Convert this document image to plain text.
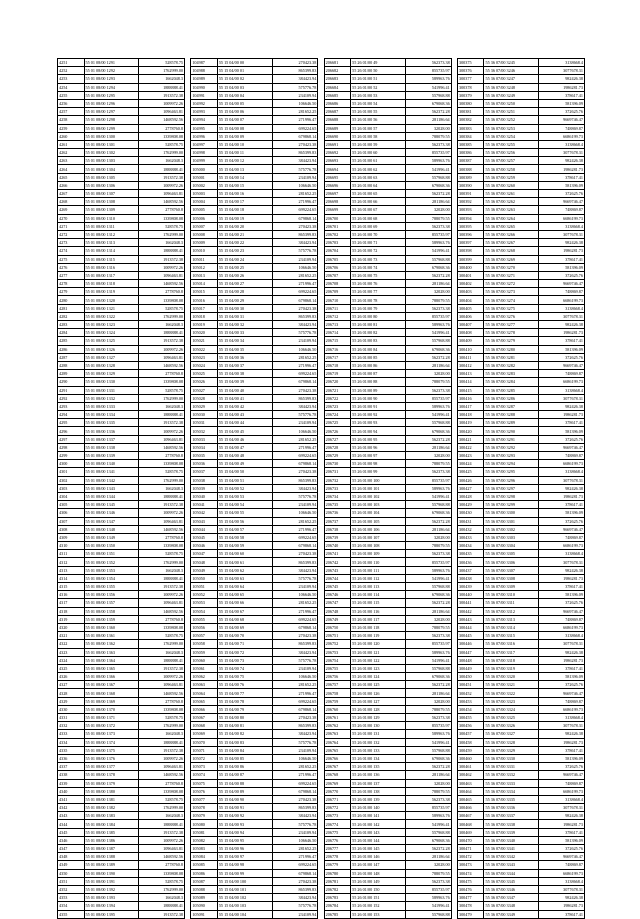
4251	55 01 08/00 1291	528578.75
4252	55 01 08/00 1292	1762999.00
4253	55 01 08/00 1293	1662048.3
4254	55 01 08/00 1294	1888888.41
4255	55 01 08/00 1295	1913572.38
4256	55 01 08/00 1296	1009972.26
4257	55 01 08/00 1297	1096463.81
4258	55 01 08/00 1298	1468592.56
4259	55 01 08/00 1299	2778760.8
4260	55 01 08/00 1300	1339808.08
4261	55 01 08/00 1301	528578.75
4262	55 01 08/00 1302	1762999.00
4263	55 01 08/00 1303	1662048.3
4264	55 01 08/00 1304	1888888.41
4265	55 01 08/00 1305	1913572.38
4266	55 01 08/00 1306	1009972.26
4267	55 01 08/00 1307	1096463.81
4268	55 01 08/00 1308	1468592.56
4269	55 01 08/00 1309	2778760.8
4270	55 01 08/00 1310	1339808.08
4271	55 01 08/00 1311	528578.75
4272	55 01 08/00 1312	1762999.00
4273	55 01 08/00 1313	1662048.3
4274	55 01 08/00 1314	1888888.41
4275	55 01 08/00 1315	1913572.38
4276	55 01 08/00 1316	1009972.26
4277	55 01 08/00 1317	1096463.81
4278	55 01 08/00 1318	1468592.56
4279	55 01 08/00 1319	2778760.8
4280	55 01 08/00 1320	1339808.08
4281	55 01 08/00 1321	528578.75
4282	55 01 08/00 1322	1762999.00
4283	55 01 08/00 1323	1662048.3
4284	55 01 08/00 1324	1888888.41
4285	55 01 08/00 1325	1913572.38
4286	55 01 08/00 1326	1009972.26
4287	55 01 08/00 1327	1096463.81
4288	55 01 08/00 1328	1468592.56
4289	55 01 08/00 1329	2778760.8
4290	55 01 08/00 1330	1339808.08
4291	55 01 08/00 1331	528578.75
4292	55 01 08/00 1332	1762999.00
4293	55 01 08/00 1333	1662048.3
4294	55 01 08/00 1334	1888888.41
4295	55 01 08/00 1335	1913572.38
4296	55 01 08/00 1336	1009972.26
4297	55 01 08/00 1337	1096463.81
4298	55 01 08/00 1338	1468592.56
4299	55 01 08/00 1339	2778760.8
4300	55 01 08/00 1340	1339808.08
4301	55 01 08/00 1341	528578.75
4302	55 01 08/00 1342	1762999.00
4303	55 01 08/00 1343	1662048.3
4304	55 01 08/00 1344	1888888.41
4305	55 01 08/00 1345	1913572.38
4306	55 01 08/00 1346	1009972.26
4307	55 01 08/00 1347	1096463.81
4308	55 01 08/00 1348	1468592.56
4309	55 01 08/00 1349	2778760.8
4310	55 01 08/00 1350	1339808.08
4311	55 01 08/00 1351	528578.75
4312	55 01 08/00 1352	1762999.00
4313	55 01 08/00 1353	1662048.3
4314	55 01 08/00 1354	1888888.41
4315	55 01 08/00 1355	1913572.38
4316	55 01 08/00 1356	1009972.26
4317	55 01 08/00 1357	1096463.81
4318	55 01 08/00 1358	1468592.56
4319	55 01 08/00 1359	2778760.8
4320	55 01 08/00 1360	1339808.08
4321	55 01 08/00 1361	528578.75
4322	55 01 08/00 1362	1762999.00
4323	55 01 08/00 1363	1662048.3
4324	55 01 08/00 1364	1888888.41
4325	55 01 08/00 1365	1913572.38
4326	55 01 08/00 1366	1009972.26
4327	55 01 08/00 1367	1096463.81
4328	55 01 08/00 1368	1468592.56
4329	55 01 08/00 1369	2778760.8
4330	55 01 08/00 1370	1339808.08
4331	55 01 08/00 1371	528578.75
4332	55 01 08/00 1372	1762999.00
4333	55 01 08/00 1373	1662048.3
4334	55 01 08/00 1374	1888888.41
4335	55 01 08/00 1375	1913572.38
4336	55 01 08/00 1376	1009972.26
4337	55 01 08/00 1377	1096463.81
4338	55 01 08/00 1378	1468592.56
4339	55 01 08/00 1379	2778760.8
4340	55 01 08/00 1380	1339808.08
4341	55 01 08/00 1381	528578.75
4342	55 01 08/00 1382	1762999.00
4343	55 01 08/00 1383	1662048.3
4344	55 01 08/00 1384	1888888.41
4345	55 01 08/00 1385	1913572.38
4346	55 01 08/00 1386	1009972.26
4347	55 01 08/00 1387	1096463.81
4348	55 01 08/00 1388	1468592.56
4349	55 01 08/00 1389	2778760.8
4350	55 01 08/00 1390	1339808.08
4351	55 01 08/00 1391	528578.75
4352	55 01 08/00 1392	1762999.00
4353	55 01 08/00 1393	1662048.3
4354	55 01 08/00 1394	1888888.41
4355	55 01 08/00 1395	1913572.38
104987	55 15 04/00 00	270423.38
104988	55 15 04/00 01	865399.83
104989	55 15 04/00 02	384423.94
104990	55 15 04/00 03	575776.78
104991	55 15 04/00 04	234109.94
104992	55 15 04/00 05	106646.50
104993	55 15 04/00 06	281652.25
104994	55 15 04/00 07	271996.47
104995	55 15 04/00 08	699224.65
104996	55 15 04/00 09	679868.14
104997	55 15 04/00 10	270423.38
104998	55 15 04/00 11	865399.83
104999	55 15 04/00 12	384423.94
105000	55 15 04/00 13	575776.78
105001	55 15 04/00 14	234109.94
105002	55 15 04/00 15	106646.50
105003	55 15 04/00 16	281652.25
105004	55 15 04/00 17	271996.47
105005	55 15 04/00 18	699224.65
105006	55 15 04/00 19	679868.14
105007	55 15 04/00 20	270423.38
105008	55 15 04/00 21	865399.83
105009	55 15 04/00 22	384423.94
105010	55 15 04/00 23	575776.78
105011	55 15 04/00 24	234109.94
105012	55 15 04/00 25	106646.50
105013	55 15 04/00 26	281652.25
105014	55 15 04/00 27	271996.47
105015	55 15 04/00 28	699224.65
105016	55 15 04/00 29	679868.14
105017	55 15 04/00 30	270423.38
105018	55 15 04/00 31	865399.83
105019	55 15 04/00 32	384423.94
105020	55 15 04/00 33	575776.78
105021	55 15 04/00 34	234109.94
105022	55 15 04/00 35	106646.50
105023	55 15 04/00 36	281652.25
105024	55 15 04/00 37	271996.47
105025	55 15 04/00 38	699224.65
105026	55 15 04/00 39	679868.14
105027	55 15 04/00 40	270423.38
105028	55 15 04/00 41	865399.83
105029	55 15 04/00 42	384423.94
105030	55 15 04/00 43	575776.78
105031	55 15 04/00 44	234109.94
105032	55 15 04/00 45	106646.50
105033	55 15 04/00 46	281652.25
105034	55 15 04/00 47	271996.47
105035	55 15 04/00 48	699224.65
105036	55 15 04/00 49	679868.14
105037	55 15 04/00 50	270423.38
105038	55 15 04/00 51	865399.83
105039	55 15 04/00 52	384423.94
105040	55 15 04/00 53	575776.78
105041	55 15 04/00 54	234109.94
105042	55 15 04/00 55	106646.50
105043	55 15 04/00 56	281652.25
105044	55 15 04/00 57	271996.47
105045	55 15 04/00 58	699224.65
105046	55 15 04/00 59	679868.14
105047	55 15 04/00 60	270423.38
105048	55 15 04/00 61	865399.83
105049	55 15 04/00 62	384423.94
105050	55 15 04/00 63	575776.78
105051	55 15 04/00 64	234109.94
105052	55 15 04/00 65	106646.50
105053	55 15 04/00 66	281652.25
105054	55 15 04/00 67	271996.47
105055	55 15 04/00 68	699224.65
105056	55 15 04/00 69	679868.14
105057	55 15 04/00 70	270423.38
105058	55 15 04/00 71	865399.83
105059	55 15 04/00 72	384423.94
105060	55 15 04/00 73	575776.78
105061	55 15 04/00 74	234109.94
105062	55 15 04/00 75	106646.50
105063	55 15 04/00 76	281652.25
105064	55 15 04/00 77	271996.47
105065	55 15 04/00 78	699224.65
105066	55 15 04/00 79	679868.14
105067	55 15 04/00 80	270423.38
105068	55 15 04/00 81	865399.83
105069	55 15 04/00 82	384423.94
105070	55 15 04/00 83	575776.78
105071	55 15 04/00 84	234109.94
105072	55 15 04/00 85	106646.50
105073	55 15 04/00 86	281652.25
105074	55 15 04/00 87	271996.47
105075	55 15 04/00 88	699224.65
105076	55 15 04/00 89	679868.14
105077	55 15 04/00 90	270423.38
105078	55 15 04/00 91	865399.83
105079	55 15 04/00 92	384423.94
105080	55 15 04/00 93	575776.78
105081	55 15 04/00 94	234109.94
105082	55 15 04/00 95	106646.50
105083	55 15 04/00 96	281652.25
105084	55 15 04/00 97	271996.47
105085	55 15 04/00 98	699224.65
105086	55 15 04/00 99	679868.14
105087	55 15 04/00 100	270423.38
105088	55 15 04/00 101	865399.83
105089	55 15 04/00 102	384423.94
105090	55 15 04/00 103	575776.78
105091	55 15 04/00 104	234109.94
206681	55 26 01/00 49	562373.38
206682	55 26 01/00 50	855735.97
206683	55 26 01/00 51	589963.76
206684	55 26 01/00 52	541996.41
206685	55 26 01/00 53	557968.88
206686	55 26 01/00 54	679068.36
206687	55 26 01/00 55	562372.28
206688	55 26 01/00 56	281186.64
206689	55 26 01/00 57	32028.00
206690	55 26 01/00 58	788079.55
206691	55 26 01/00 59	562373.38
206692	55 26 01/00 60	855735.97
206693	55 26 01/00 61	589963.76
206694	55 26 01/00 62	541996.41
206695	55 26 01/00 63	557968.88
206696	55 26 01/00 64	679068.36
206697	55 26 01/00 65	562372.28
206698	55 26 01/00 66	281186.64
206699	55 26 01/00 67	32028.00
206700	55 26 01/00 68	788079.55
206701	55 26 01/00 69	562373.38
206702	55 26 01/00 70	855735.97
206703	55 26 01/00 71	589963.76
206704	55 26 01/00 72	541996.41
206705	55 26 01/00 73	557968.88
206706	55 26 01/00 74	679068.36
206707	55 26 01/00 75	562372.28
206708	55 26 01/00 76	281186.64
206709	55 26 01/00 77	32028.00
206710	55 26 01/00 78	788079.55
206711	55 26 01/00 79	562373.38
206712	55 26 01/00 80	855735.97
206713	55 26 01/00 81	589963.76
206714	55 26 01/00 82	541996.41
206715	55 26 01/00 83	557968.88
206716	55 26 01/00 84	679068.36
206717	55 26 01/00 85	562372.28
206718	55 26 01/00 86	281186.64
206719	55 26 01/00 87	32028.00
206720	55 26 01/00 88	788079.55
206721	55 26 01/00 89	562373.38
206722	55 26 01/00 90	855735.97
206723	55 26 01/00 91	589963.76
206724	55 26 01/00 92	541996.41
206725	55 26 01/00 93	557968.88
206726	55 26 01/00 94	679068.36
206727	55 26 01/00 95	562372.28
206728	55 26 01/00 96	281186.64
206729	55 26 01/00 97	32028.00
206730	55 26 01/00 98	788079.55
206731	55 26 01/00 99	562373.38
206732	55 26 01/00 100	855735.97
206733	55 26 01/00 101	589963.76
206734	55 26 01/00 102	541996.41
206735	55 26 01/00 103	557968.88
206736	55 26 01/00 104	679068.36
206737	55 26 01/00 105	562372.28
206738	55 26 01/00 106	281186.64
206739	55 26 01/00 107	32028.00
206740	55 26 01/00 108	788079.55
206741	55 26 01/00 109	562373.38
206742	55 26 01/00 110	855735.97
206743	55 26 01/00 111	589963.76
206744	55 26 01/00 112	541996.41
206745	55 26 01/00 113	557968.88
206746	55 26 01/00 114	679068.36
206747	55 26 01/00 115	562372.28
206748	55 26 01/00 116	281186.64
206749	55 26 01/00 117	32028.00
206750	55 26 01/00 118	788079.55
206751	55 26 01/00 119	562373.38
206752	55 26 01/00 120	855735.97
206753	55 26 01/00 121	589963.76
206754	55 26 01/00 122	541996.41
206755	55 26 01/00 123	557968.88
206756	55 26 01/00 124	679068.36
206757	55 26 01/00 125	562372.28
206758	55 26 01/00 126	281186.64
206759	55 26 01/00 127	32028.00
206760	55 26 01/00 128	788079.55
206761	55 26 01/00 129	562373.38
206762	55 26 01/00 130	855735.97
206763	55 26 01/00 131	589963.76
206764	55 26 01/00 132	541996.41
206765	55 26 01/00 133	557968.88
206766	55 26 01/00 134	679068.36
206767	55 26 01/00 135	562372.28
206768	55 26 01/00 136	281186.64
206769	55 26 01/00 137	32028.00
206770	55 26 01/00 138	788079.55
206771	55 26 01/00 139	562373.38
206772	55 26 01/00 140	855735.97
206773	55 26 01/00 141	589963.76
206774	55 26 01/00 142	541996.41
206775	55 26 01/00 143	557968.88
206776	55 26 01/00 144	679068.36
206777	55 26 01/00 145	562372.28
206778	55 26 01/00 146	281186.64
206779	55 26 01/00 147	32028.00
206780	55 26 01/00 148	788079.55
206781	55 26 01/00 149	562373.38
206782	55 26 01/00 150	855735.97
206783	55 26 01/00 151	589963.76
206784	55 26 01/00 152	541996.41
206785	55 26 01/00 153	557968.88
300375	55 36 07/00 3245	3138668.4
300376	55 36 07/00 3246	3077678.31
300377	55 36 07/00 3247	982426.38
300378	55 36 07/00 3248	1986281.73
300379	55 36 07/00 3249	378617.41
300380	55 36 07/00 3250	581396.09
300381	55 36 07/00 3251	372625.76
300382	55 36 07/00 3252	9669746.47
300383	55 36 07/00 3253	748869.87
300384	55 36 07/00 3254	6686199.73
300385	55 36 07/00 3255	3138668.4
300386	55 36 07/00 3256	3077678.31
300387	55 36 07/00 3257	982426.38
300388	55 36 07/00 3258	1986281.73
300389	55 36 07/00 3259	378617.41
300390	55 36 07/00 3260	581396.09
300391	55 36 07/00 3261	372625.76
300392	55 36 07/00 3262	9669746.47
300393	55 36 07/00 3263	748869.87
300394	55 36 07/00 3264	6686199.73
300395	55 36 07/00 3265	3138668.4
300396	55 36 07/00 3266	3077678.31
300397	55 36 07/00 3267	982426.38
300398	55 36 07/00 3268	1986281.73
300399	55 36 07/00 3269	378617.41
300400	55 36 07/00 3270	581396.09
300401	55 36 07/00 3271	372625.76
300402	55 36 07/00 3272	9669746.47
300403	55 36 07/00 3273	748869.87
300404	55 36 07/00 3274	6686199.73
300405	55 36 07/00 3275	3138668.4
300406	55 36 07/00 3276	3077678.31
300407	55 36 07/00 3277	982426.38
300408	55 36 07/00 3278	1986281.73
300409	55 36 07/00 3279	378617.41
300410	55 36 07/00 3280	581396.09
300411	55 36 07/00 3281	372625.76
300412	55 36 07/00 3282	9669746.47
300413	55 36 07/00 3283	748869.87
300414	55 36 07/00 3284	6686199.73
300415	55 36 07/00 3285	3138668.4
300416	55 36 07/00 3286	3077678.31
300417	55 36 07/00 3287	982426.38
300418	55 36 07/00 3288	1986281.73
300419	55 36 07/00 3289	378617.41
300420	55 36 07/00 3290	581396.09
300421	55 36 07/00 3291	372625.76
300422	55 36 07/00 3292	9669746.47
300423	55 36 07/00 3293	748869.87
300424	55 36 07/00 3294	6686199.73
300425	55 36 07/00 3295	3138668.4
300426	55 36 07/00 3296	3077678.31
300427	55 36 07/00 3297	982426.38
300428	55 36 07/00 3298	1986281.73
300429	55 36 07/00 3299	378617.41
300430	55 36 07/00 3300	581396.09
300431	55 36 07/00 3301	372625.76
300432	55 36 07/00 3302	9669746.47
300433	55 36 07/00 3303	748869.87
300434	55 36 07/00 3304	6686199.73
300435	55 36 07/00 3305	3138668.4
300436	55 36 07/00 3306	3077678.31
300437	55 36 07/00 3307	982426.38
300438	55 36 07/00 3308	1986281.73
300439	55 36 07/00 3309	378617.41
300440	55 36 07/00 3310	581396.09
300441	55 36 07/00 3311	372625.76
300442	55 36 07/00 3312	9669746.47
300443	55 36 07/00 3313	748869.87
300444	55 36 07/00 3314	6686199.73
300445	55 36 07/00 3315	3138668.4
300446	55 36 07/00 3316	3077678.31
300447	55 36 07/00 3317	982426.38
300448	55 36 07/00 3318	1986281.73
300449	55 36 07/00 3319	378617.41
300450	55 36 07/00 3320	581396.09
300451	55 36 07/00 3321	372625.76
300452	55 36 07/00 3322	9669746.47
300453	55 36 07/00 3323	748869.87
300454	55 36 07/00 3324	6686199.73
300455	55 36 07/00 3325	3138668.4
300456	55 36 07/00 3326	3077678.31
300457	55 36 07/00 3327	982426.38
300458	55 36 07/00 3328	1986281.73
300459	55 36 07/00 3329	378617.41
300460	55 36 07/00 3330	581396.09
300461	55 36 07/00 3331	372625.76
300462	55 36 07/00 3332	9669746.47
300463	55 36 07/00 3333	748869.87
300464	55 36 07/00 3334	6686199.73
300465	55 36 07/00 3335	3138668.4
300466	55 36 07/00 3336	3077678.31
300467	55 36 07/00 3337	982426.38
300468	55 36 07/00 3338	1986281.73
300469	55 36 07/00 3339	378617.41
300470	55 36 07/00 3340	581396.09
300471	55 36 07/00 3341	372625.76
300472	55 36 07/00 3342	9669746.47
300473	55 36 07/00 3343	748869.87
300474	55 36 07/00 3344	6686199.73
300475	55 36 07/00 3345	3138668.4
300476	55 36 07/00 3346	3077678.31
300477	55 36 07/00 3347	982426.38
300478	55 36 07/00 3348	1986281.73
300479	55 36 07/00 3349	378617.41
